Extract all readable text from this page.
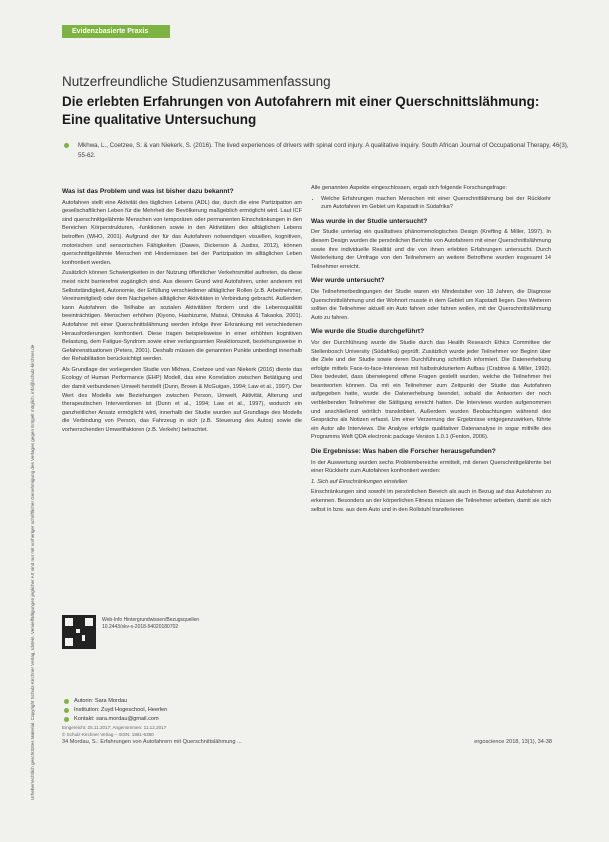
Evidenzbasierte Praxis
Urheberrechtlich geschütztes Material. Copyright Schulz-Kirchner Verlag, Idstein. Vervielfältigungen jeglicher Art sind nur mit vorheriger schriftlicher Genehmigung des Verlages gegen Entgelt möglich. info@schulz-kirchner.de
Nutzerfreundliche Studienzusammenfassung
Die erlebten Erfahrungen von Autofahrern mit einer Querschnittslähmung: Eine qualitative Untersuchung
Mkhwa, L., Coetzee, S. & van Niekerk, S. (2016). The lived experiences of drivers with spinal cord injury. A qualitative inquiry. South African Journal of Occupational Therapy, 46(3), 55-62.
Was ist das Problem und was ist bisher dazu bekannt?

Autofahren stellt eine Aktivität des täglichen Lebens (ADL) dar, durch die eine Partizipation am gesellschaftlichen Leben für die Mehrheit der Bevölkerung maßgeblich ermöglicht wird. Laut ICF sind querschnittgelähmte Menschen von temporären oder permanenten Einschränkungen in den Bereichen Körperstrukturen, -funktionen sowie in den Aktivitäten des alltäglichen Lebens betroffen (WHO, 2001). Aufgrund der für das Autofahren notwendigen visuellen, kognitiven, motorischen und sensorischen Fähigkeiten (Dawes, Dickerson & Justiss, 2012), können querschnittgelähmte Menschen mit Hindernissen bei der Partizipation im alltäglichen Leben konfrontiert werden.

Zusätzlich können Schwierigkeiten in der Nutzung öffentlicher Verkehrsmittel auftreten, da diese meist nicht barrierefrei zugänglich sind. Aus diesem Grund wird Autofahren, unter anderem mit Selbstständigkeit, Autonomie, der Erfüllung verschiedener alltäglicher Rollen (z.B. Arbeitnehmer, Vereinsmitglied) oder dem Nachgehen alltäglicher Aktivitäten in Verbindung gebracht. Außerdem kann Autofahren die Teilhabe an sozialen Aktivitäten fördern und die Lebensqualität beeinträchtigen. Menschen erhöhen (Kiyono, Hashizume, Matsui, Ohtsuka & Takaoka, 2001). Autofahrer mit einer Querschnittslähmung werden infolge ihrer Erkrankung mit verschiedenen Herausforderungen konfrontiert. Diese tragen beispielsweise in einer erhöhten kognitiven Belastung, dem Fatigue-Syndrom sowie einer verlangsamten Reaktionszeit, beziehungsweise in Gefahrensituationen (Peters, 2001). Deshalb müssen die genannten Punkte unbedingt innerhalb der Rehabilitation berücksichtigt werden.

Als Grundlage der vorliegenden Studie von Mkhwa, Coetzee und van Niekerk (2016) diente das Ecology of Human Performance (EHP) Modell, das eine Korrelation zwischen Betätigung und der damit verbundenen Umwelt herstellt (Dunn, Brown & McGuigan, 1994; Law et al., 1997). Der Wert des Modells wie Beziehungen zwischen Person, Umwelt, Aktivität, Alterung und therapeutischen Interventionen ist (Dunn et al., 1994; Law et al., 1997), wodurch ein ganzheitlicher Ansatz ermöglicht wird, innerhalb der Studie wurden auf Grundlage des Modells die Verbindung von Person, das Fahrzeug in sich (z.B. Steuerung des Autos) sowie die vorherrschenden Umweltfaktoren (z.B. Verkehr) betrachtet.

Alle genannten Aspekte eingeschlossen, ergab sich folgende Forschungsfrage:

• Welche Erfahrungen machen Menschen mit einer Querschnittlähmung bei der Rückkehr zum Autofahren im Gebiet um Kapstadt in Südafrika?
Was wurde in der Studie untersucht?

Der Studie unterlag ein qualitatives phänomenologisches Design (Krefting & Miller, 1997). In diesem Design wurden die persönlichen Berichte von Autofahrern mit einer Querschnittslähmung sowie ihre individuelle Realität und die von ihnen erlebten Erfahrungen untersucht. Durch Weiterleitung der Umfrage von den Teilnehmern an weitere Betroffene wurden insgesamt 14 Teilnehmer erreicht.

Wer wurde untersucht?

Die Teilnehmerbedingungen der Studie waren ein Mindestalter von 18 Jahren, die Diagnose Querschnittslähmung und der Wohnort musste in dem Gebiet um Kapstadt liegen. Des Weiteren sollten die Teilnehmer aktuell ein Auto fahren oder fahren wollen, mit der Querschnittslähmung Auto zu fahren.

Wie wurde die Studie durchgeführt?

Vor der Durchführung wurde die Studie durch das Health Research Ethics Committee der Stellenbosch University (Südafrika) geprüft. Zusätzlich wurde jeder Teilnehmer vor Beginn über die Ziele und der Studie sowie deren Durchführung schriftlich informiert. Die Datenerhebung erfolgte mittels Face-to-face-Interviews mit halbstrukturiertem Aufbau (Crabtree & Miller, 1992). Dies bedeutet, dass überwiegend offene Fragen gestellt wurden, welche die Teilnehmer frei beantworten können. Da mit ein Teilnehmer zum Zeitpunkt der Studie das Autofahren aufgegeben hatte, wurde die Datenerhebung beendet, sobald die Antworten der noch verbleibenden Teilnehmer die Sättigung erreicht hatten. Die Interviews wurden aufgenommen und anschließend wörtlich transkribiert. Außerdem wurden Beobachtungen während des Gesprächs als Notizen erfasst. Um einer Verzerrung der Ergebnisse entgegenzuwirken, führte ein Autor alle Interviews. Die Analyse erfolgte qualitativer Datenanalyse in sogar mithilfe des Programms Weft QDA electronic package Version 1.0.1 (Fenton, 2006).

Die Ergebnisse: Was haben die Forscher herausgefunden?

In der Auswertung wurden sechs Problembereiche ermittelt, mit denen Querschnittgelähmte bei einer Rückkehr zum Autofahren konfrontiert werden:

1. Sich auf Einschränkungen einstellen

Einschränkungen sind sowohl im persönlichen Bereich als auch in Bezug auf das Autofahren zu erkennen. Besonders an der körperlichen Fitness müssen die Teilnehmer arbeiten, damit sie sich selbst in bzw. aus dem Auto und in den Rollstuhl transferieren

Web-Info Hintergrundwissen/Bezugsquellen
10.2443/skv-s-2018-54020180702
Autorin: Sara Mordau
Institution: Zuyd Hogeschool, Heerlen
Kontakt: sara.mordau@gmail.com
Eingereicht: 25.11.2017; Angenommen: 11.12.2017
© Schulz-Kirchner Verlag – ISSN: 1861-6380
34 Mordau, S.: Erfahrungen von Autofahrern mit Querschnittslähmung ...	ergoscience 2018, 13(1), 34-38
